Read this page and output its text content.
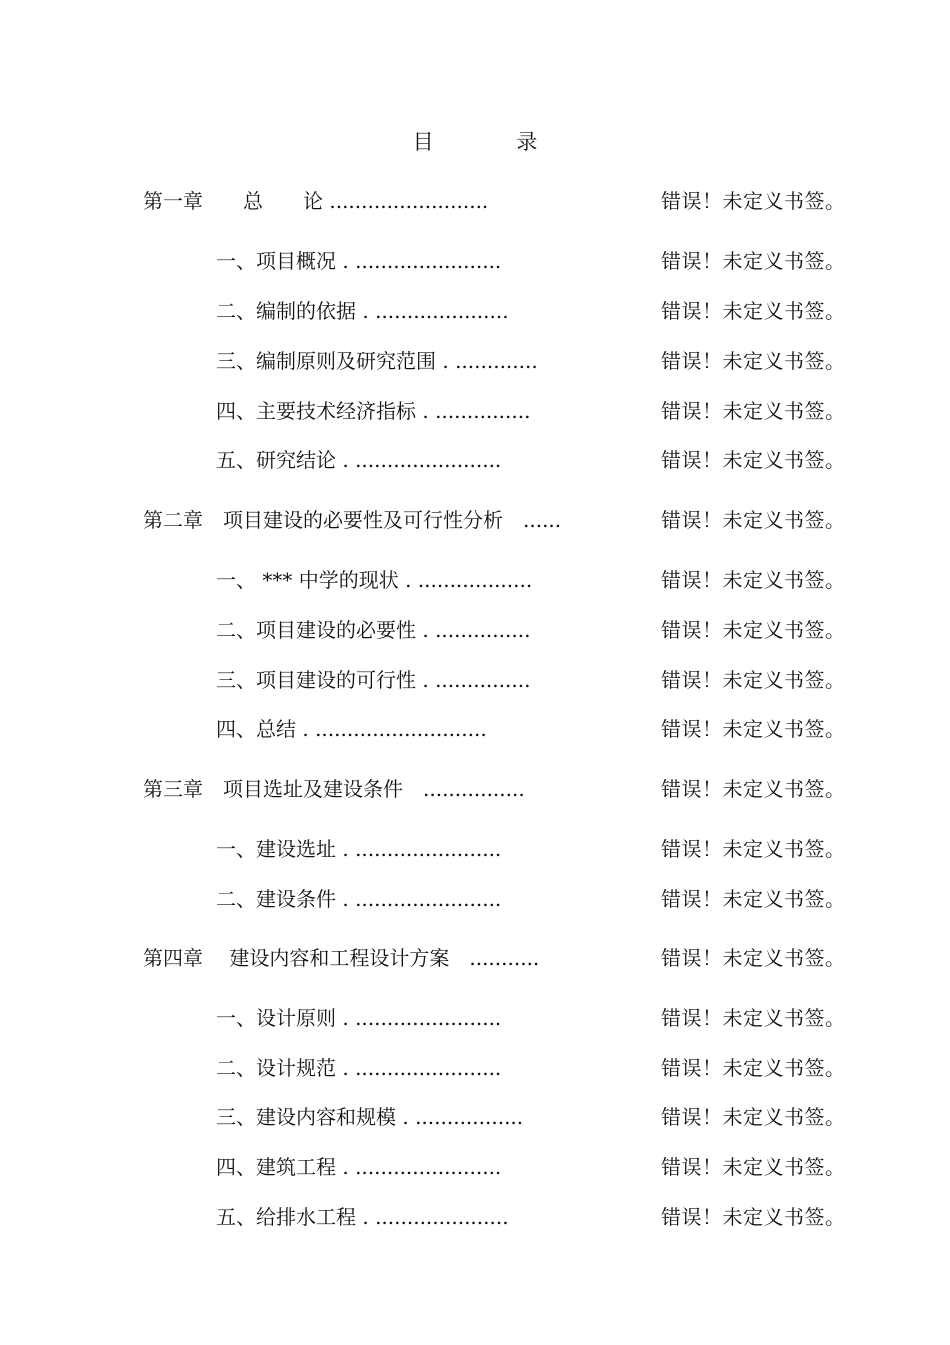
目 录
第一章　　总　　论 .........................	错误！未定义书签。
一、项目概况 . .......................	错误！未定义书签。
二、编制的依据 . .....................	错误！未定义书签。
三、编制原则及研究范围 . .............	错误！未定义书签。
四、主要技术经济指标 . ...............	错误！未定义书签。
五、研究结论 . .......................	错误！未定义书签。
第二章　项目建设的必要性及可行性分析　......	错误！未定义书签。
一、 *** 中学的现状 . ..................	错误！未定义书签。
二、项目建设的必要性 . ...............	错误！未定义书签。
三、项目建设的可行性 . ...............	错误！未定义书签。
四、总结 . ...........................	错误！未定义书签。
第三章　项目选址及建设条件　................	错误！未定义书签。
一、建设选址 . .......................	错误！未定义书签。
二、建设条件 . .......................	错误！未定义书签。
第四章　 建设内容和工程设计方案　...........	错误！未定义书签。
一、设计原则 . .......................	错误！未定义书签。
二、设计规范 . .......................	错误！未定义书签。
三、建设内容和规模 . .................	错误！未定义书签。
四、建筑工程 . .......................	错误！未定义书签。
五、给排水工程 . .....................	错误！未定义书签。
